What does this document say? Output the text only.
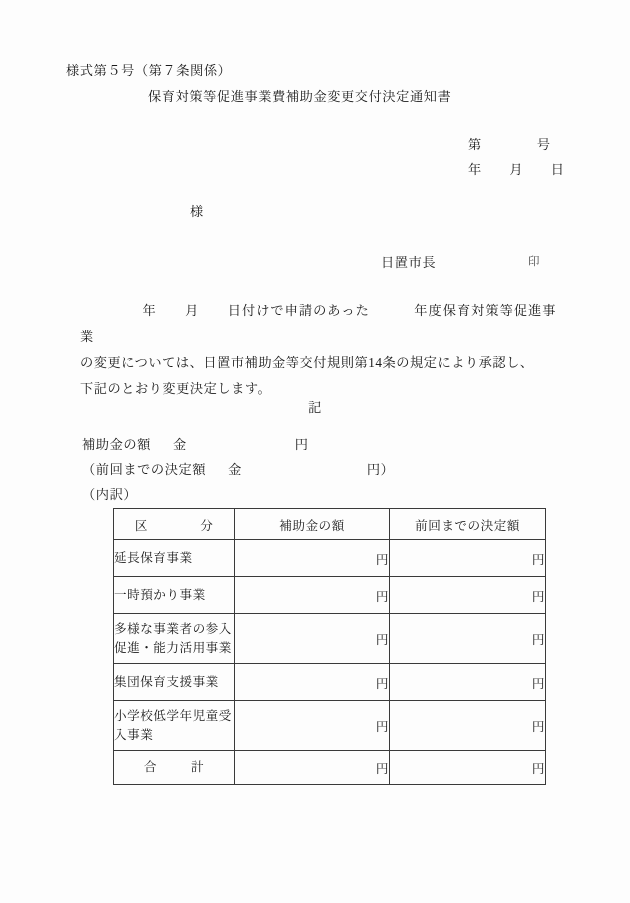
様式第５号（第７条関係）
保育対策等促進事業費補助金変更交付決定通知書
第　　　　号
年　　月　　日
様
日置市長	印
年　　月　　日付けで申請のあった	年度保育対策等促進事業
の変更については、日置市補助金等交付規則第14条の規定により承認し、
下記のとおり変更決定します。
記
補助金の額 金	円
（前回までの決定額 金	円）
（内訳）
区　　　　分	補助金の額	前回までの決定額
延長保育事業	円	円
一時預かり事業	円	円
多様な事業者の参入
促進・能力活用事業	円	円
集団保育支援事業	円	円
小学校低学年児童受
入事業	円	円
合 計	円	円
